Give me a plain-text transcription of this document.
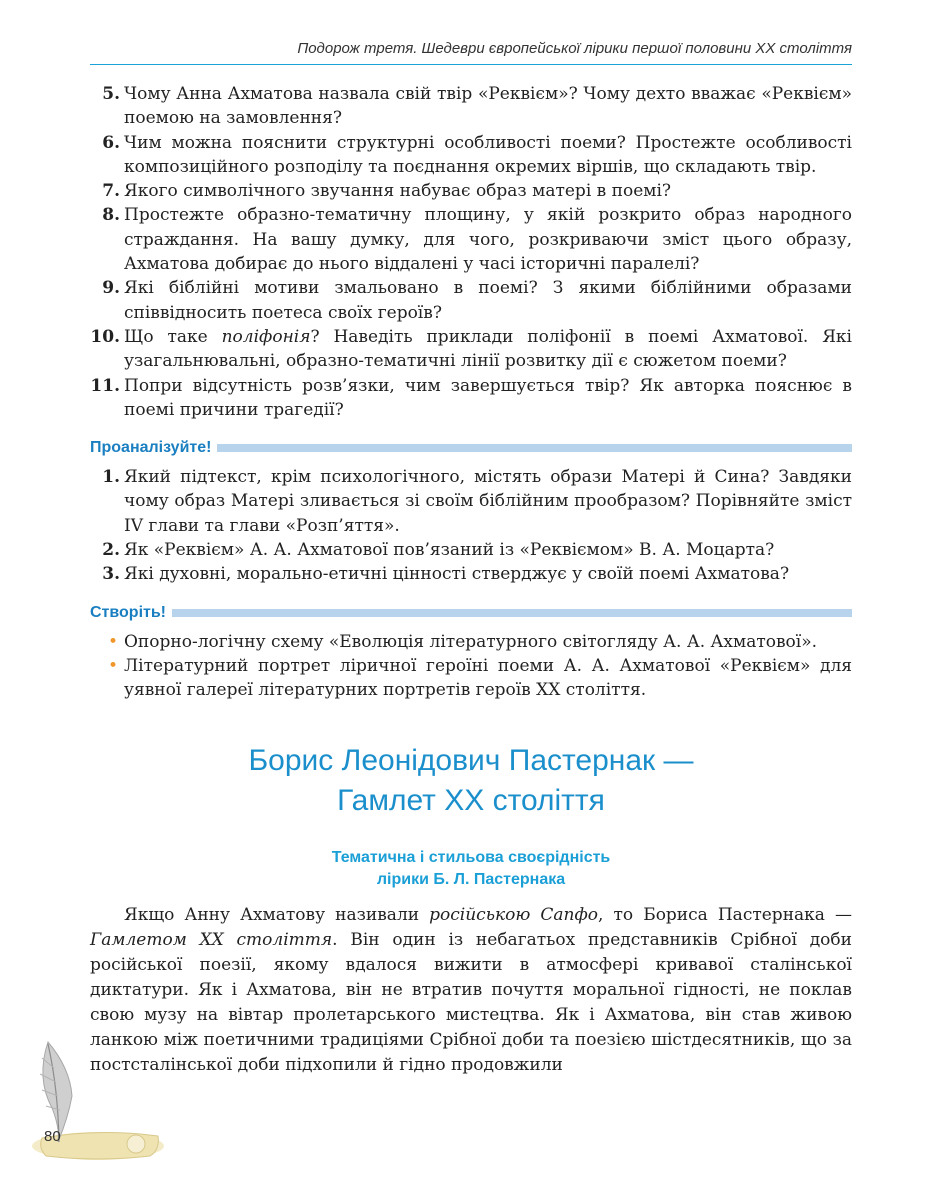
Подорож третя. Шедеври європейської лірики першої половини ХХ століття
5. Чому Анна Ахматова назвала свій твір «Реквієм»? Чому дехто вважає «Реквієм» поемою на замовлення?
6. Чим можна пояснити структурні особливості поеми? Простежте особливості композиційного розподілу та поєднання окремих віршів, що складають твір.
7. Якого символічного звучання набуває образ матері в поемі?
8. Простежте образно-тематичну площину, у якій розкрито образ народного страждання. На вашу думку, для чого, розкриваючи зміст цього образу, Ахматова добирає до нього віддалені у часі історичні паралелі?
9. Які біблійні мотиви змальовано в поемі? З якими біблійними образами співвідносить поетеса своїх героїв?
10. Що таке поліфонія? Наведіть приклади поліфонії в поемі Ахматової. Які узагальнювальні, образно-тематичні лінії розвитку дії є сюжетом поеми?
11. Попри відсутність розв’язки, чим завершується твір? Як авторка пояснює в поемі причини трагедії?
Проаналізуйте!
1. Який підтекст, крім психологічного, містять образи Матері й Сина? Завдяки чому образ Матері зливається зі своїм біблійним прообразом? Порівняйте зміст IV глави та глави «Розп’яття».
2. Як «Реквієм» А. А. Ахматової пов’язаний із «Реквіємом» В. А. Моцарта?
3. Які духовні, морально-етичні цінності стверджує у своїй поемі Ахматова?
Створіть!
• Опорно-логічну схему «Еволюція літературного світогляду А. А. Ахматової».
• Літературний портрет ліричної героїні поеми А. А. Ахматової «Реквієм» для уявної галереї літературних портретів героїв ХХ століття.
Борис Леонідович Пастернак —
Гамлет ХХ століття
Тематична і стильова своєрідність
лірики Б. Л. Пастернака

Якщо Анну Ахматову називали російською Сапфо, то Бориса Пастернака — Гамлетом ХХ століття. Він один із небагатьох представників Срібної доби російської поезії, якому вдалося вижити в атмосфері кривавої сталінської диктатури. Як і Ахматова, він не втратив почуття моральної гідності, не поклав свою музу на вівтар пролетарського мистецтва. Як і Ахматова, він став живою ланкою між поетичними традиціями Срібної доби та поезією шістдесятників, що за постсталінської доби підхопили й гідно продовжили

80
